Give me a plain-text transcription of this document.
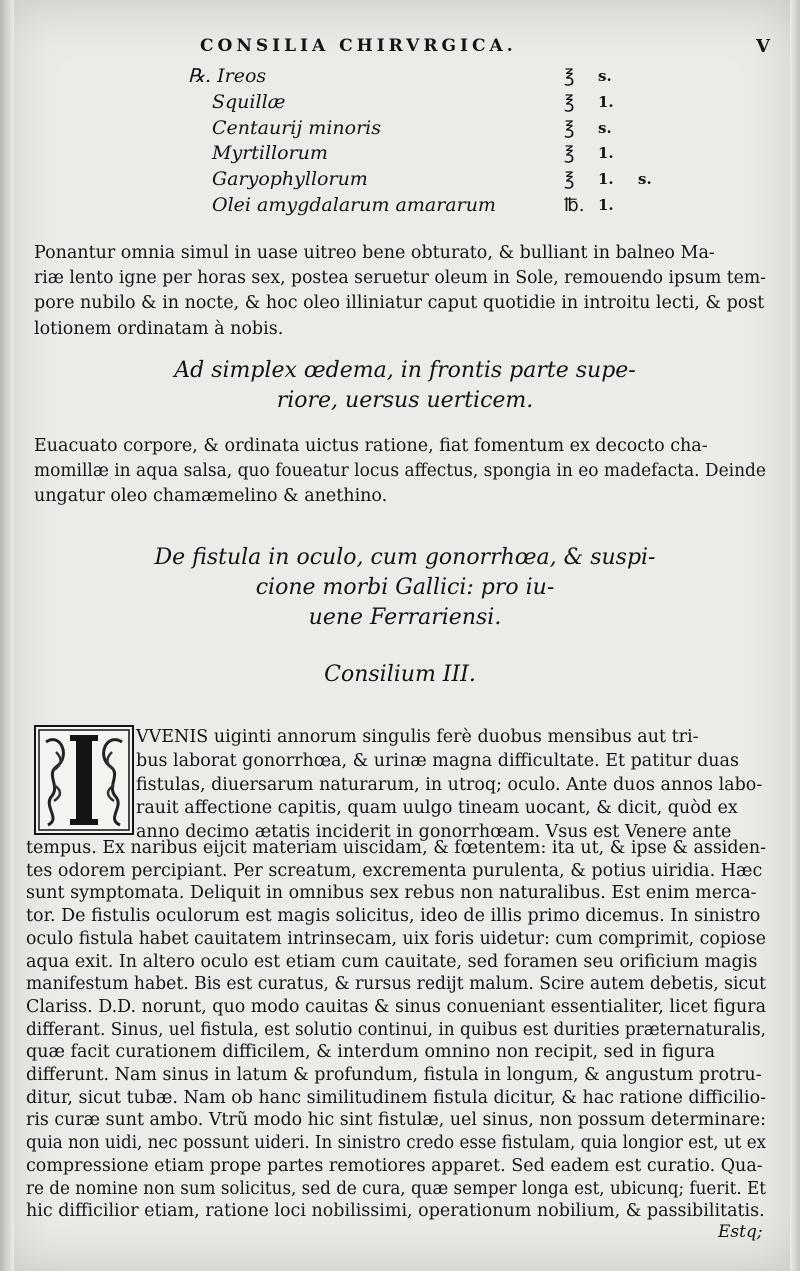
CONSILIA CHIRVRGICA.	V
℞. Ireos	℥ s.
Squillæ	℥ 1.
Centaurij minoris	℥ s.
Myrtillorum	℥ 1.
Garyophyllorum	℥ 1. s.
Olei amygdalarum amararum	℔. 1.
Ponantur omnia simul in uase uitreo bene obturato, & bulliant in balneo Ma-
riæ lento igne per horas sex, postea seruetur oleum in Sole, remouendo ipsum tem-
pore nubilo & in nocte, & hoc oleo illiniatur caput quotidie in introitu lecti, & post
lotionem ordinatam à nobis.
Ad simplex œdema, in frontis parte supe-
riore, uersus uerticem.
Euacuato corpore, & ordinata uictus ratione, fiat fomentum ex decocto cha-
momillæ in aqua salsa, quo foueatur locus affectus, spongia in eo madefacta. Deinde
ungatur oleo chamæmelino & anethino.
De fistula in oculo, cum gonorrhœa, & suspi-
cione morbi Gallici: pro iu-
uene Ferrariensi.
Consilium III.
VVENIS uiginti annorum singulis ferè duobus mensibus aut tri-
bus laborat gonorrhœa, & urinæ magna difficultate. Et patitur duas
fistulas, diuersarum naturarum, in utroq; oculo. Ante duos annos labo-
rauit affectione capitis, quam uulgo tineam uocant, & dicit, quòd ex
anno decimo ætatis inciderit in gonorrhœam. Vsus est Venere ante
tempus. Ex naribus eijcit materiam uiscidam, & fœtentem: ita ut, & ipse & assiden-
tes odorem percipiant. Per screatum, excrementa purulenta, & potius uiridia. Hæc
sunt symptomata. Deliquit in omnibus sex rebus non naturalibus. Est enim merca-
tor. De fistulis oculorum est magis solicitus, ideo de illis primo dicemus. In sinistro
oculo fistula habet cauitatem intrinsecam, uix foris uidetur: cum comprimit, copiose
aqua exit. In altero oculo est etiam cum cauitate, sed foramen seu orificium magis
manifestum habet. Bis est curatus, & rursus redijt malum. Scire autem debetis, sicut
Clariss. D.D. norunt, quo modo cauitas & sinus conueniant essentialiter, licet figura
differant. Sinus, uel fistula, est solutio continui, in quibus est durities præternaturalis,
quæ facit curationem difficilem, & interdum omnino non recipit, sed in figura
differunt. Nam sinus in latum & profundum, fistula in longum, & angustum protru-
ditur, sicut tubæ. Nam ob hanc similitudinem fistula dicitur, & hac ratione difficilio-
ris curæ sunt ambo. Vtrũ modo hic sint fistulæ, uel sinus, non possum determinare:
quia non uidi, nec possunt uideri. In sinistro credo esse fistulam, quia longior est, ut ex
compressione etiam prope partes remotiores apparet. Sed eadem est curatio. Qua-
re de nomine non sum solicitus, sed de cura, quæ semper longa est, ubicunq; fuerit. Et
hic difficilior etiam, ratione loci nobilissimi, operationum nobilium, & passibilitatis.
Estq;
